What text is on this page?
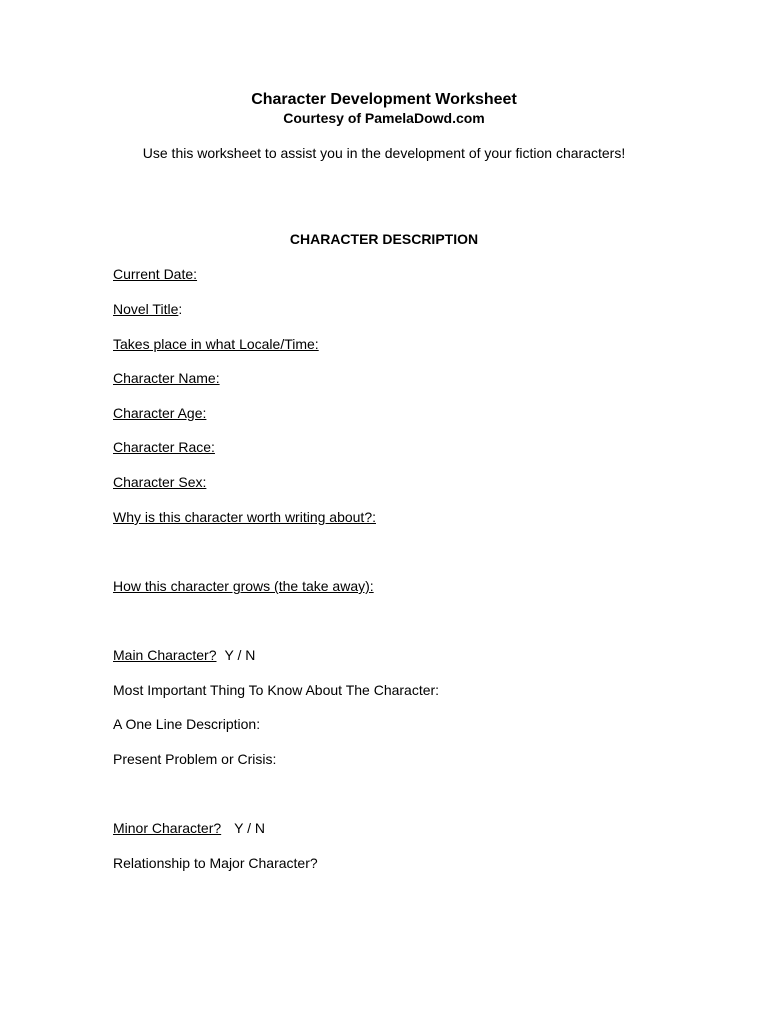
Character Development Worksheet
Courtesy of PamelaDowd.com
Use this worksheet to assist you in the development of your fiction characters!
CHARACTER DESCRIPTION
Current Date:
Novel Title:
Takes place in what Locale/Time:
Character Name:
Character Age:
Character Race:
Character Sex:
Why is this character worth writing about?:
How this character grows (the take away):
Main Character? Y / N
Most Important Thing To Know About The Character:
A One Line Description:
Present Problem or Crisis:
Minor Character? Y / N
Relationship to Major Character?
